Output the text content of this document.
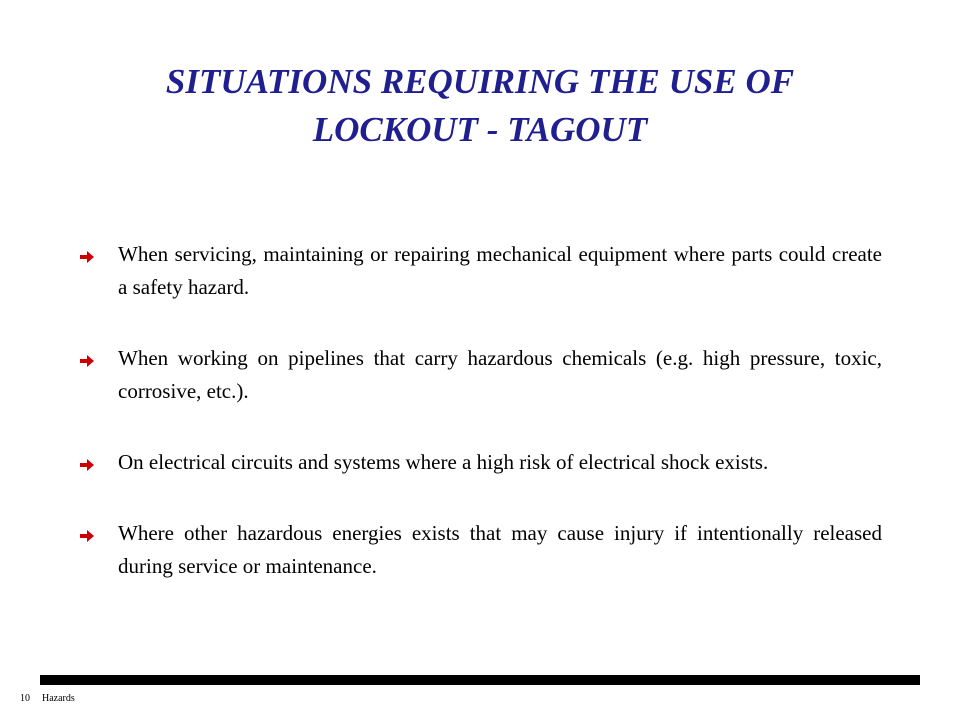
SITUATIONS REQUIRING THE USE OF
LOCKOUT - TAGOUT
When servicing, maintaining or repairing mechanical equipment where parts could create a safety hazard.
When working on pipelines that carry hazardous chemicals (e.g. high pressure, toxic, corrosive, etc.).
On electrical circuits and systems where a high risk of electrical shock exists.
Where other hazardous energies exists that may cause injury if intentionally released during service or maintenance.
10 Hazards
